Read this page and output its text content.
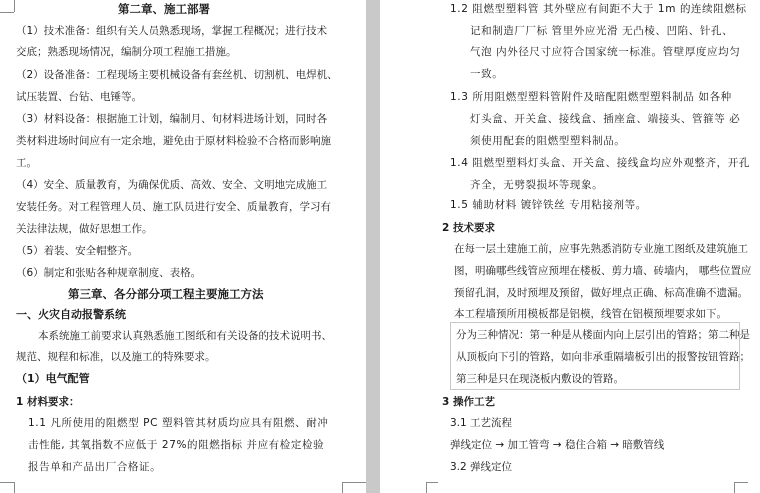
第二章、施工部署
（1）技术准备：组织有关人员熟悉现场，掌握工程概况；进行技术
交底；熟悉现场情况，编制分项工程施工措施。
（2）设备准备：工程现场主要机械设备有套丝机、切割机、电焊机、
试压装置、台钻、电锤等。
（3）材料设备：根据施工计划，编制月、旬材料进场计划，同时各
类材料进场时间应有一定余地，避免由于原材料检验不合格而影响施
工。
（4）安全、质量教育，为确保优质、高效、安全、文明地完成施工
安装任务。对工程管理人员、施工队员进行安全、质量教育，学习有
关法律法规，做好思想工作。
（5）着装、安全帽整齐。
（6）制定和张贴各种规章制度、表格。
第三章、各分部分项工程主要施工方法
一、火灾自动报警系统
本系统施工前要求认真熟悉施工图纸和有关设备的技术说明书、
规范、规程和标准，以及施工的特殊要求。
（1）电气配管
1 材料要求：
1.1 凡所使用的阻燃型 PC 塑料管其材质均应具有阻燃、耐冲
击性能, 其氧指数不应低于 27%的阻燃指标 并应有检定检验
报告单和产品出厂合格证。
1.2 阻燃型塑料管 其外壁应有间距不大于 1m 的连续阻燃标
记和制造厂厂标 管里外应光滑 无凸棱、凹陷、针孔、
气泡 内外径尺寸应符合国家统一标准。管壁厚度应均匀
一致。
1.3 所用阻燃型塑料管附件及暗配阻燃型塑料制品 如各种
灯头盒、开关盒、接线盒、插座盒、端接头、管箍等 必
须使用配套的阻燃型塑料制品。
1.4 阻燃型塑料灯头盒、开关盒、接线盒均应外观整齐，开孔
齐全，无劈裂损坏等现象。
1.5 辅助材料 镀锌铁丝 专用粘接剂等。
2 技术要求
在每一层土建施工前，应事先熟悉消防专业施工图纸及建筑施工
图，明确哪些线管应预埋在楼板、剪力墙、砖墙内， 哪些位置应
预留孔洞，及时预埋及预留，做好埋点正确、标高准确不遗漏。
本工程墙预所用模板都是铝模，线管在铝模预埋要求如下。
分为三种情况：第一种是从楼面内向上层引出的管路；第二种是
从顶板向下引的管路，如向非承重隔墙板引出的报警按钮管路；
第三种是只在现浇板内敷设的管路。
3 操作工艺
3.1 工艺流程
弹线定位 → 加工管弯 → 稳住合箱 → 暗敷管线
3.2 弹线定位
